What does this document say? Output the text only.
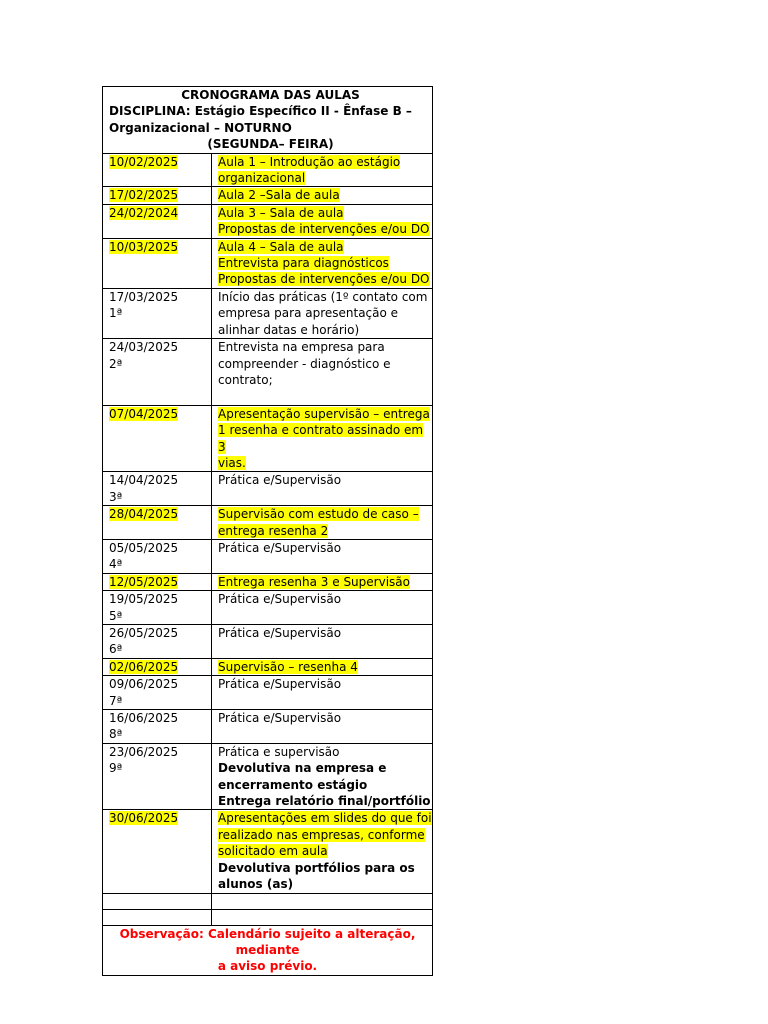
CRONOGRAMA DAS AULAS
DISCIPLINA: Estágio Específico II - Ênfase B –
Organizacional – NOTURNO
(SEGUNDA– FEIRA)	

10/02/2025	Aula 1 – Introdução ao estágio
organizacional

17/02/2025	Aula 2 –Sala de aula

24/02/2024	Aula 3 – Sala de aula
Propostas de intervenções e/ou DO

10/03/2025	Aula 4 – Sala de aula
Entrevista para diagnósticos
Propostas de intervenções e/ou DO

17/03/2025
1ª	Início das práticas (1º contato com
empresa para apresentação e
alinhar datas e horário)

24/03/2025
2ª	Entrevista na empresa para
compreender - diagnóstico e
contrato;

07/04/2025	Apresentação supervisão – entrega
1 resenha e contrato assinado em 3
vias.

14/04/2025
3ª	Prática e/Supervisão

28/04/2025	Supervisão com estudo de caso –
entrega resenha 2

05/05/2025
4ª	Prática e/Supervisão

12/05/2025	Entrega resenha 3 e Supervisão

19/05/2025
5ª	Prática e/Supervisão

26/05/2025
6ª	Prática e/Supervisão

02/06/2025	Supervisão – resenha 4

09/06/2025
7ª	Prática e/Supervisão

16/06/2025
8ª	Prática e/Supervisão

23/06/2025
9ª	Prática e supervisão
Devolutiva na empresa e
encerramento estágio
Entrega relatório final/portfólio

30/06/2025	Apresentações em slides do que foi
realizado nas empresas, conforme
solicitado em aula
Devolutiva portfólios para os
alunos (as)

Observação: Calendário sujeito a alteração, mediante
a aviso prévio.	
